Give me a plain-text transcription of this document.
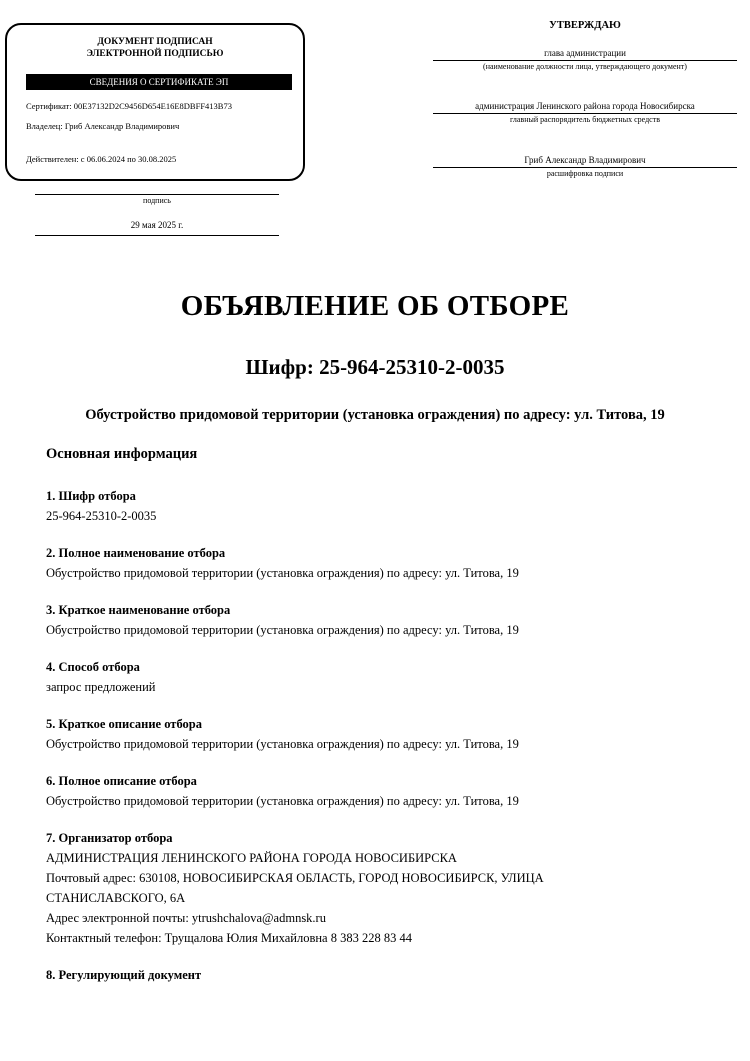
ДОКУМЕНТ ПОДПИСАН
ЭЛЕКТРОННОЙ ПОДПИСЬЮ
СВЕДЕНИЯ О СЕРТИФИКАТЕ ЭП
Сертификат: 00E37132D2C9456D654E16E8DBFF413B73
Владелец: Гриб Александр Владимирович
Действителен: с 06.06.2024 по 30.08.2025
подпись
29 мая 2025 г.
УТВЕРЖДАЮ
глава администрации
(наименование должности лица, утверждающего документ)
администрация Ленинского района города Новосибирска
главный распорядитель бюджетных средств
Гриб Александр Владимирович
расшифровка подписи
ОБЪЯВЛЕНИЕ ОБ ОТБОРЕ
Шифр: 25-964-25310-2-0035
Обустройство придомовой территории (установка ограждения) по адресу: ул. Титова, 19
Основная информация
1. Шифр отбора
25-964-25310-2-0035
2. Полное наименование отбора
Обустройство придомовой территории (установка ограждения) по адресу: ул. Титова, 19
3. Краткое наименование отбора
Обустройство придомовой территории (установка ограждения) по адресу: ул. Титова, 19
4. Способ отбора
запрос предложений
5. Краткое описание отбора
Обустройство придомовой территории (установка ограждения) по адресу: ул. Титова, 19
6. Полное описание отбора
Обустройство придомовой территории (установка ограждения) по адресу: ул. Титова, 19
7. Организатор отбора
АДМИНИСТРАЦИЯ ЛЕНИНСКОГО РАЙОНА ГОРОДА НОВОСИБИРСКА
Почтовый адрес: 630108, НОВОСИБИРСКАЯ ОБЛАСТЬ, ГОРОД НОВОСИБИРСК, УЛИЦА СТАНИСЛАВСКОГО, 6А
Адрес электронной почты: ytrushchalova@admnsk.ru
Контактный телефон: Трущалова Юлия Михайловна 8 383 228 83 44
8. Регулирующий документ
